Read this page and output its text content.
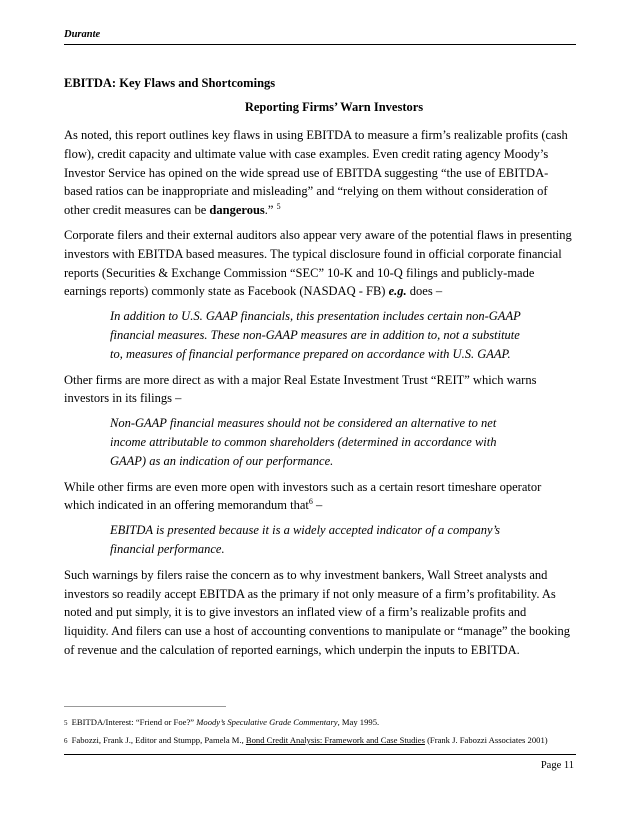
Durante

EBITDA: Key Flaws and Shortcomings

Reporting Firms’ Warn Investors

As noted, this report outlines key flaws in using EBITDA to measure a firm’s realizable profits (cash flow), credit capacity and ultimate value with case examples. Even credit rating agency Moody’s Investor Service has opined on the wide spread use of EBITDA suggesting “the use of EBITDA-based ratios can be inappropriate and misleading” and “relying on them without consideration of other credit measures can be dangerous.” $^5$

Corporate filers and their external auditors also appear very aware of the potential flaws in presenting investors with EBITDA based measures. The typical disclosure found in official corporate financial reports (Securities & Exchange Commission “SEC” 10-K and 10-Q filings and publicly-made earnings reports) commonly state as Facebook (NASDAQ - FB) e.g. does –

In addition to U.S. GAAP financials, this presentation includes certain non-GAAP financial measures. These non-GAAP measures are in addition to, not a substitute to, measures of financial performance prepared on accordance with U.S. GAAP.

Other firms are more direct as with a major Real Estate Investment Trust “REIT” which warns investors in its filings –

Non-GAAP financial measures should not be considered an alternative to net income attributable to common shareholders (determined in accordance with GAAP) as an indication of our performance.

While other firms are even more open with investors such as a certain resort timeshare operator which indicated in an offering memorandum that$^6$ –

EBITDA is presented because it is a widely accepted indicator of a company’s financial performance.

Such warnings by filers raise the concern as to why investment bankers, Wall Street analysts and investors so readily accept EBITDA as the primary if not only measure of a firm’s profitability. As noted and put simply, it is to give investors an inflated view of a firm’s realizable profits and liquidity. And filers can use a host of accounting conventions to manipulate or “manage” the booking of revenue and the calculation of reported earnings, which underpin the inputs to EBITDA.

5 EBITDA/Interest: “Friend or Foe?” Moody’s Speculative Grade Commentary, May 1995.

6 Fabozzi, Frank J., Editor and Stumpp, Pamela M., Bond Credit Analysis: Framework and Case Studies (Frank J. Fabozzi Associates 2001)

Page 11
